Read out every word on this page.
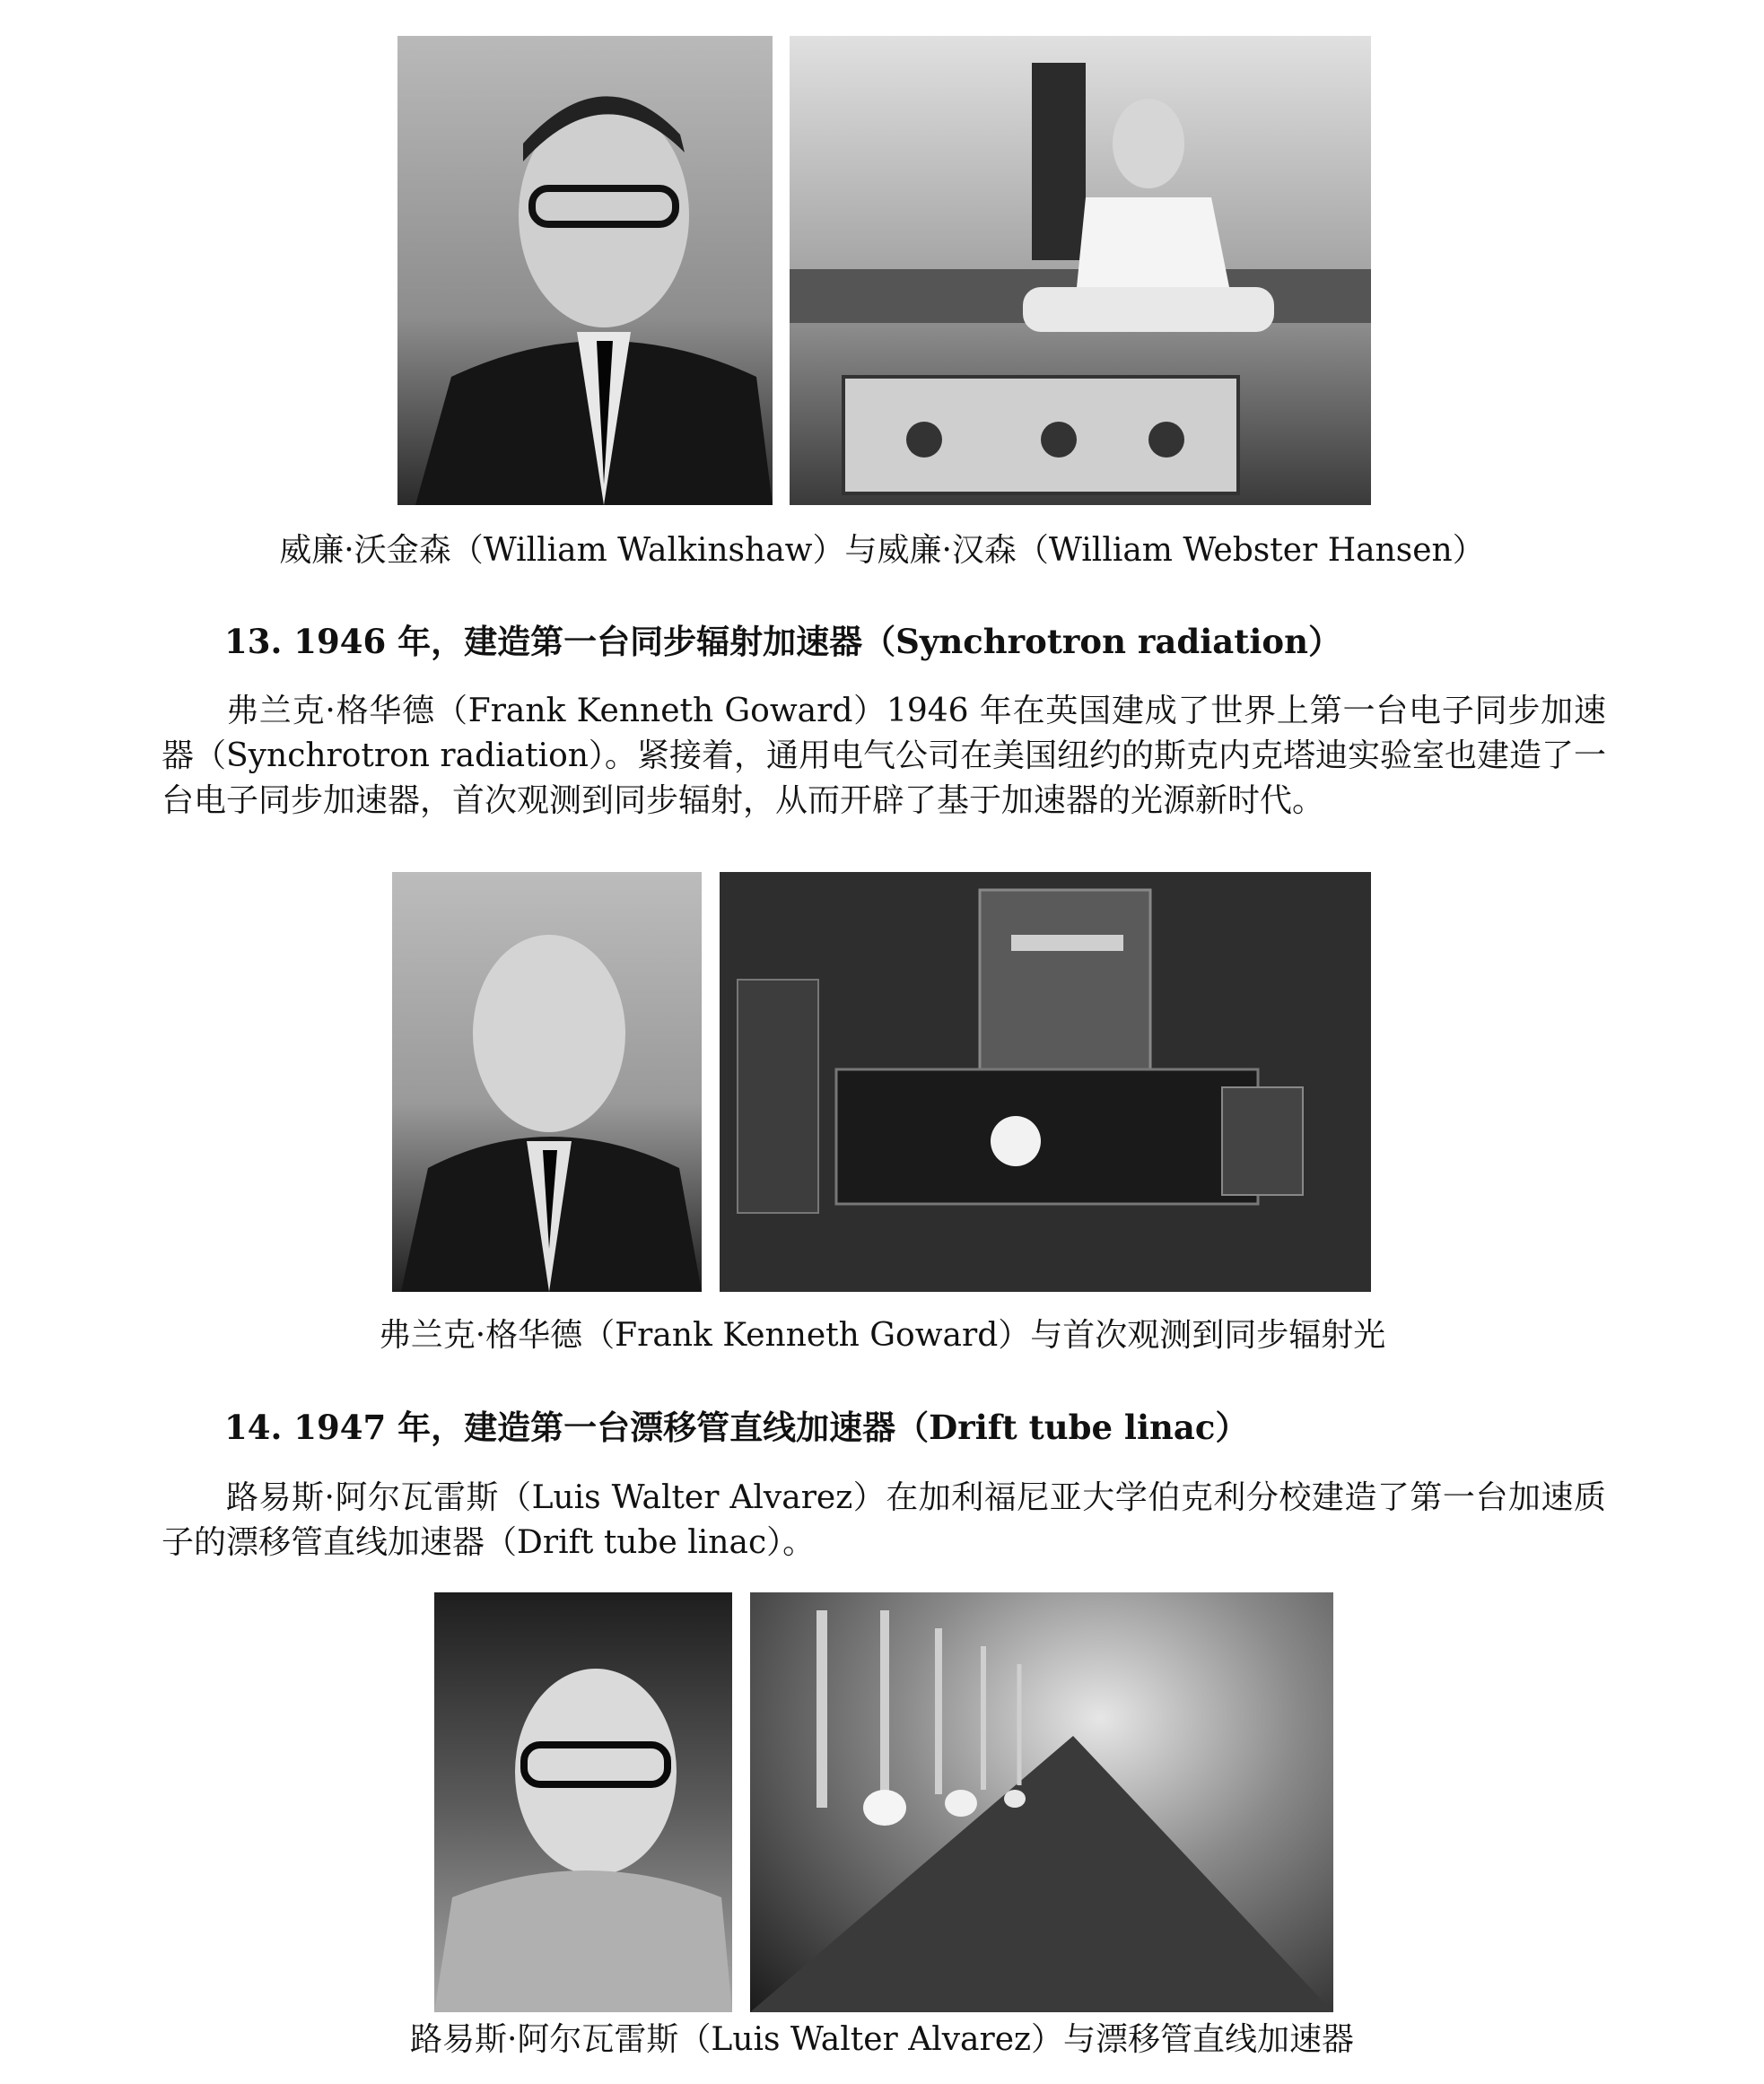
威廉·沃金森（William Walkinshaw）与威廉·汉森（William Webster Hansen）
13. 1946 年，建造第一台同步辐射加速器（Synchrotron radiation）
弗兰克·格华德（Frank Kenneth Goward）1946 年在英国建成了世界上第一台电子同步加速器（Synchrotron radiation）。紧接着，通用电气公司在美国纽约的斯克内克塔迪实验室也建造了一台电子同步加速器，首次观测到同步辐射，从而开辟了基于加速器的光源新时代。
弗兰克·格华德（Frank Kenneth Goward）与首次观测到同步辐射光
14. 1947 年，建造第一台漂移管直线加速器（Drift tube linac）
路易斯·阿尔瓦雷斯（Luis Walter Alvarez）在加利福尼亚大学伯克利分校建造了第一台加速质子的漂移管直线加速器（Drift tube linac）。
路易斯·阿尔瓦雷斯（Luis Walter Alvarez）与漂移管直线加速器
